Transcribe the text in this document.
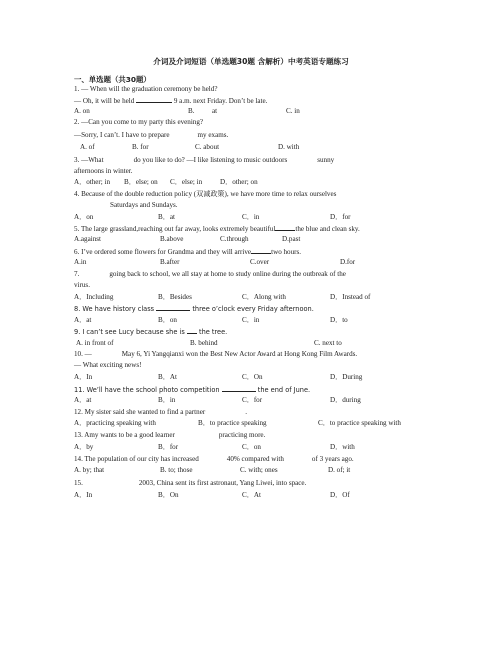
介词及介词短语（单选题30题 含解析）中考英语专题练习
一、单选题（共30题）
1. — When will the graduation ceremony be held?
— Oh, it will be held	9 a.m. next Friday. Don’t be late.
A. on	B. at	C. in
2. —Can you come to my party this evening?
—Sorry, I can’t. I have to prepare	my exams.
A. of	B. for	C. about	D. with
3. —What	do you like to do? —I like listening to music outdoors	sunny
afternoons in winter.
A．other; in B．else; on C．else; in	D．other; on
4. Because of the double reduction policy (双减政策), we have more time to relax ourselves
Saturdays and Sundays.
A．on	B．at	C．in	D．for
5. The large grassland,reaching out far away, looks extremely beautiful	the blue and clean sky.
A.against	B.above	C.through	D.past
6. I’ve ordered some flowers for Grandma and they will arrive	two hours.
A.in	B.after	C.over	D.for
7.	going back to school, we all stay at home to study online during the outbreak of the
virus.
A．Including	B．Besides	C．Along with	D．Instead of
8. We have history class	three o’clock every Friday afternoon.
A．at	B．on	C．in	D．to
9. I can’t see Lucy because she is the tree.
A. in front of	B. behind	C. next to
10. —	May 6, Yi Yangqianxi won the Best New Actor Award at Hong Kong Film Awards.
— What exciting news!
A．In	B．At	C．On	D．During
11. We’ll have the school photo competition	the end of June.
A．at	B．in	C．for	D．during
12. My sister said she wanted to find a partner	.
A．practicing speaking with	B．to practice speaking	C．to practice speaking with
13. Amy wants to be a good learner	practicing more.
A．by	B．for	C．on	D．with
14. The population of our city has increased	40% compared with	of 3 years ago.
A. by; that	B. to; those	C. with; ones	D. of; it
15.	2003, China sent its first astronaut, Yang Liwei, into space.
A．In	B．On	C．At	D．Of
